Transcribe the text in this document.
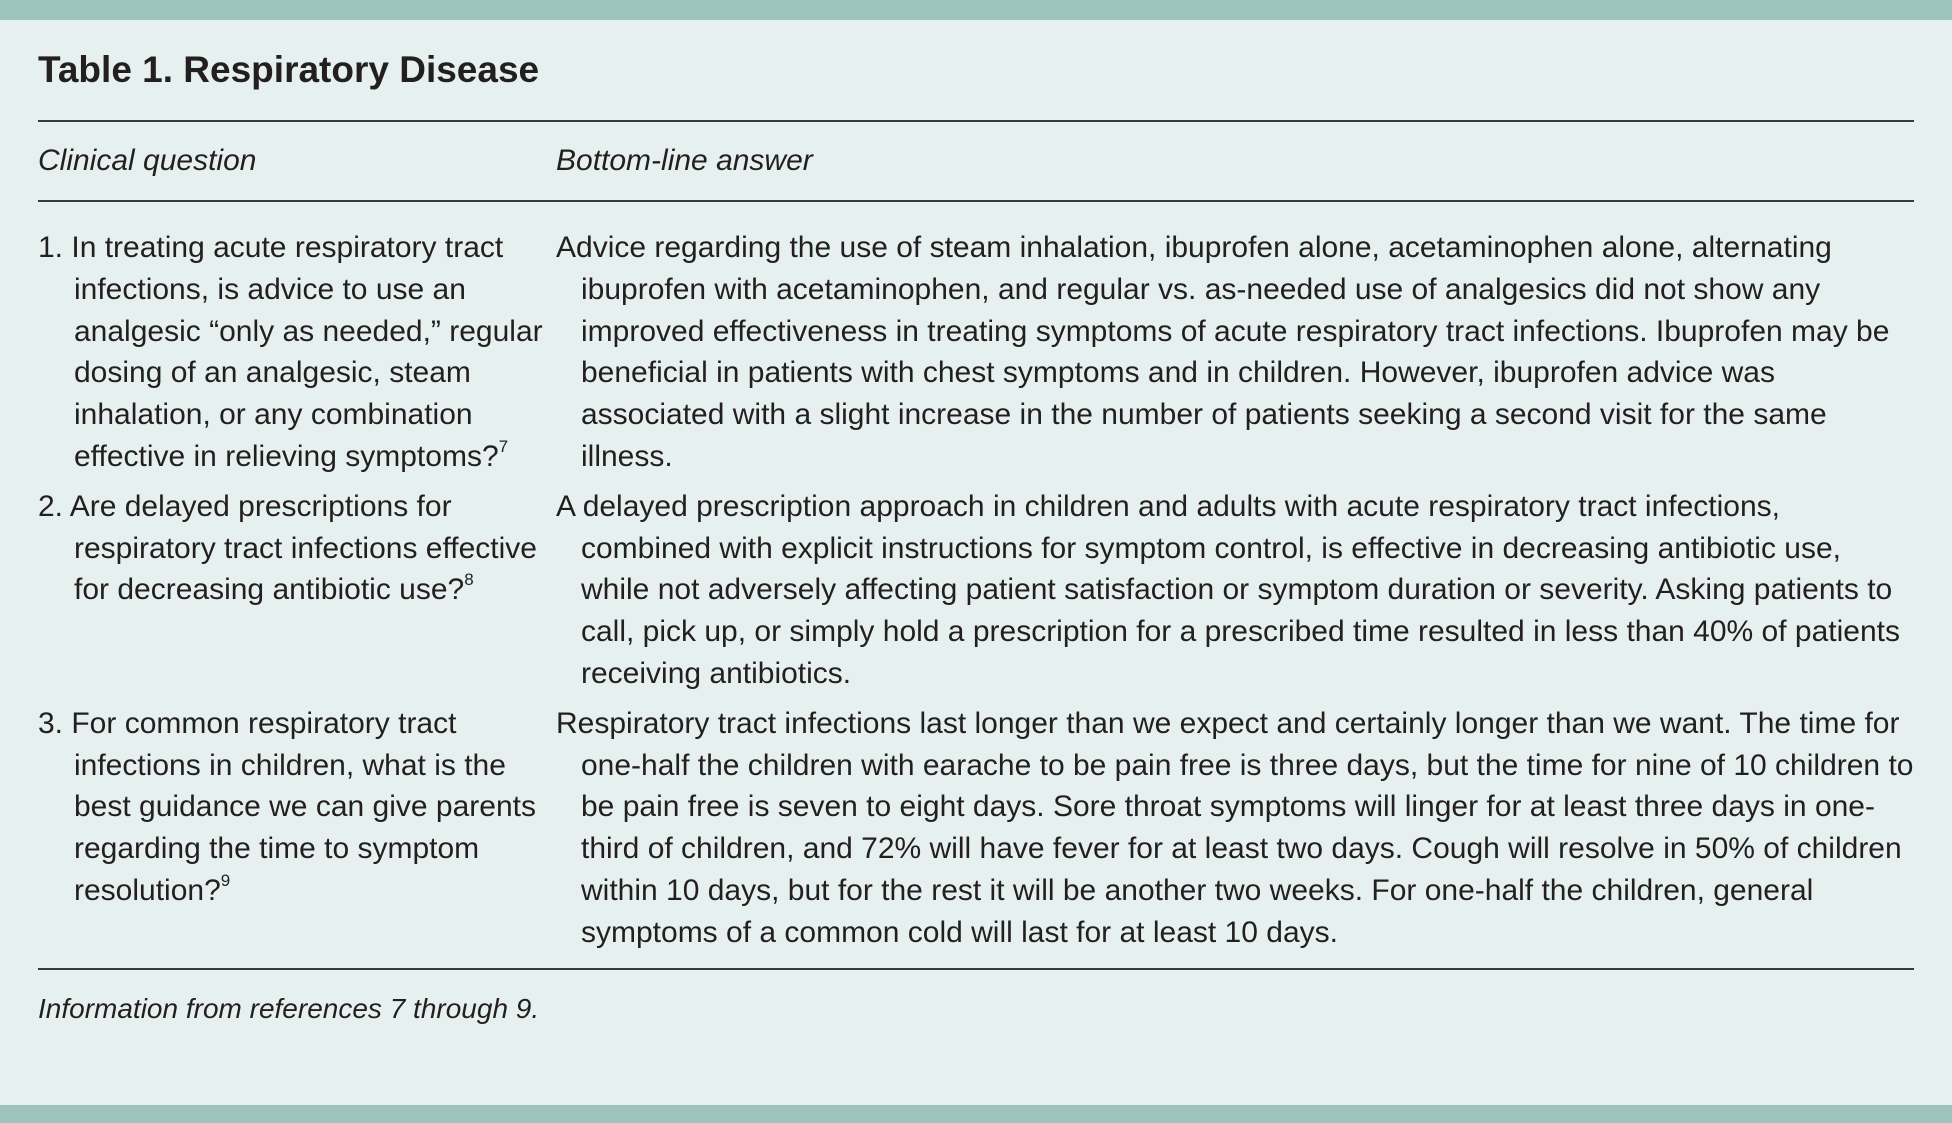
Table 1. Respiratory Disease
Clinical question	Bottom-line answer
1. In treating acute respiratory tract infections, is advice to use an analgesic “only as needed,” regular dosing of an analgesic, steam inhalation, or any combination effective in relieving symptoms?$^7$
Advice regarding the use of steam inhalation, ibuprofen alone, acetaminophen alone, alternating ibuprofen with acetaminophen, and regular vs. as-needed use of analgesics did not show any improved effectiveness in treating symptoms of acute respiratory tract infections. Ibuprofen may be beneficial in patients with chest symptoms and in children. However, ibuprofen advice was associated with a slight increase in the number of patients seeking a second visit for the same illness.
2. Are delayed prescriptions for respiratory tract infections effective for decreasing antibiotic use?$^8$
A delayed prescription approach in children and adults with acute respiratory tract infections, combined with explicit instructions for symptom control, is effective in decreasing antibiotic use, while not adversely affecting patient satisfaction or symptom duration or severity. Asking patients to call, pick up, or simply hold a prescription for a prescribed time resulted in less than 40% of patients receiving antibiotics.
3. For common respiratory tract infections in children, what is the best guidance we can give parents regarding the time to symptom resolution?$^9$
Respiratory tract infections last longer than we expect and certainly longer than we want. The time for one-half the children with earache to be pain free is three days, but the time for nine of 10 children to be pain free is seven to eight days. Sore throat symptoms will linger for at least three days in one-third of children, and 72% will have fever for at least two days. Cough will resolve in 50% of children within 10 days, but for the rest it will be another two weeks. For one-half the children, general symptoms of a common cold will last for at least 10 days.

Information from references 7 through 9.
